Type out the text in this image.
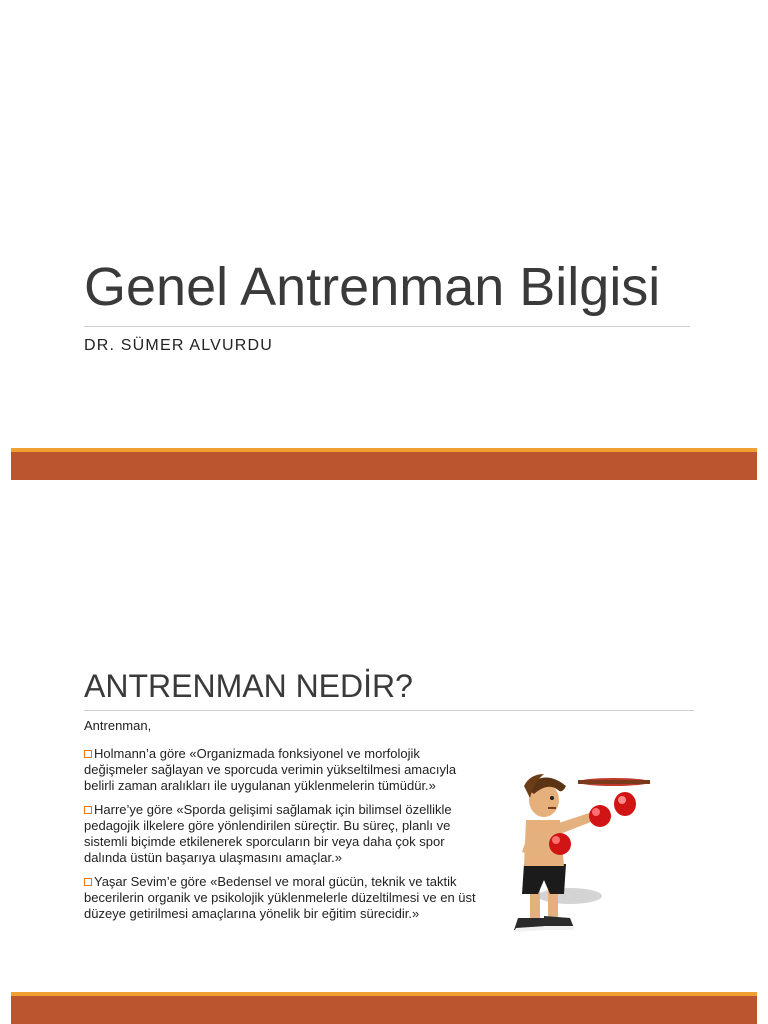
Genel Antrenman Bilgisi
DR. SÜMER ALVURDU
ANTRENMAN NEDİR?
Antrenman,
Holmann’a göre «Organizmada fonksiyonel ve morfolojik değişmeler sağlayan ve sporcuda verimin yükseltilmesi amacıyla belirli zaman aralıkları ile uygulanan yüklenmelerin tümüdür.»
Harre’ye göre «Sporda gelişimi sağlamak için bilimsel özellikle pedagojik ilkelere göre yönlendirilen süreçtir. Bu süreç, planlı ve sistemli biçimde etkilenerek sporcuların bir veya daha çok spor dalında üstün başarıya ulaşmasını amaçlar.»
Yaşar Sevim’e göre «Bedensel ve moral gücün, teknik ve taktik becerilerin organik ve psikolojik yüklenmelerle düzeltilmesi ve en üst düzeye getirilmesi amaçlarına yönelik bir eğitim sürecidir.»
